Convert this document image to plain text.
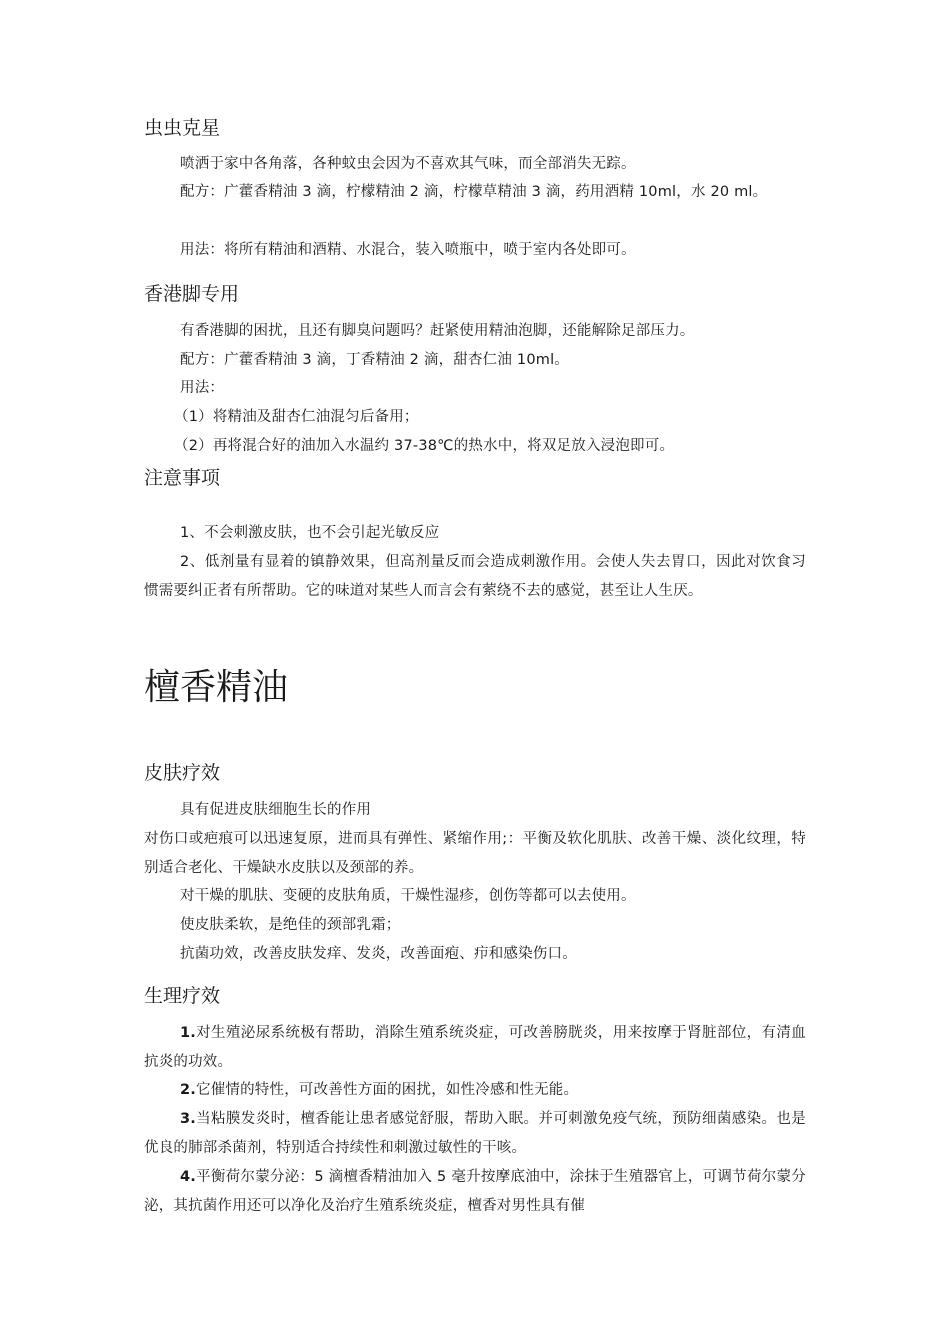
虫虫克星
喷洒于家中各角落，各种蚊虫会因为不喜欢其气味，而全部消失无踪。
配方：广藿香精油 3 滴，柠檬精油 2 滴，柠檬草精油 3 滴，药用酒精 10ml，水 20 ml。
用法：将所有精油和酒精、水混合，装入喷瓶中，喷于室内各处即可。
香港脚专用
有香港脚的困扰，且还有脚臭问题吗？赶紧使用精油泡脚，还能解除足部压力。
配方：广藿香精油 3 滴，丁香精油 2 滴，甜杏仁油 10ml。
用法：
（1）将精油及甜杏仁油混匀后备用；
（2）再将混合好的油加入水温约 37-38℃的热水中，将双足放入浸泡即可。
注意事项
1、不会刺激皮肤，也不会引起光敏反应
2、低剂量有显着的镇静效果，但高剂量反而会造成刺激作用。会使人失去胃口，因此对饮食习惯需要纠正者有所帮助。它的味道对某些人而言会有萦绕不去的感觉，甚至让人生厌。
檀香精油
皮肤疗效
具有促进皮肤细胞生长的作用
对伤口或疤痕可以迅速复原，进而具有弹性、紧缩作用;：平衡及软化肌肤、改善干燥、淡化纹理，特别适合老化、干燥缺水皮肤以及颈部的养。
对干燥的肌肤、变硬的皮肤角质，干燥性湿疹，创伤等都可以去使用。
使皮肤柔软，是绝佳的颈部乳霜；
抗菌功效，改善皮肤发痒、发炎，改善面疱、疖和感染伤口。
生理疗效
1.对生殖泌尿系统极有帮助，消除生殖系统炎症，可改善膀胱炎，用来按摩于肾脏部位，有清血抗炎的功效。
2.它催情的特性，可改善性方面的困扰，如性冷感和性无能。
3.当粘膜发炎时，檀香能让患者感觉舒服，帮助入眠。并可刺激免疫气统，预防细菌感染。也是优良的肺部杀菌剂，特别适合持续性和刺激过敏性的干咳。
4.平衡荷尔蒙分泌：5 滴檀香精油加入 5 毫升按摩底油中，涂抹于生殖器官上，可调节荷尔蒙分泌，其抗菌作用还可以净化及治疗生殖系统炎症，檀香对男性具有催
